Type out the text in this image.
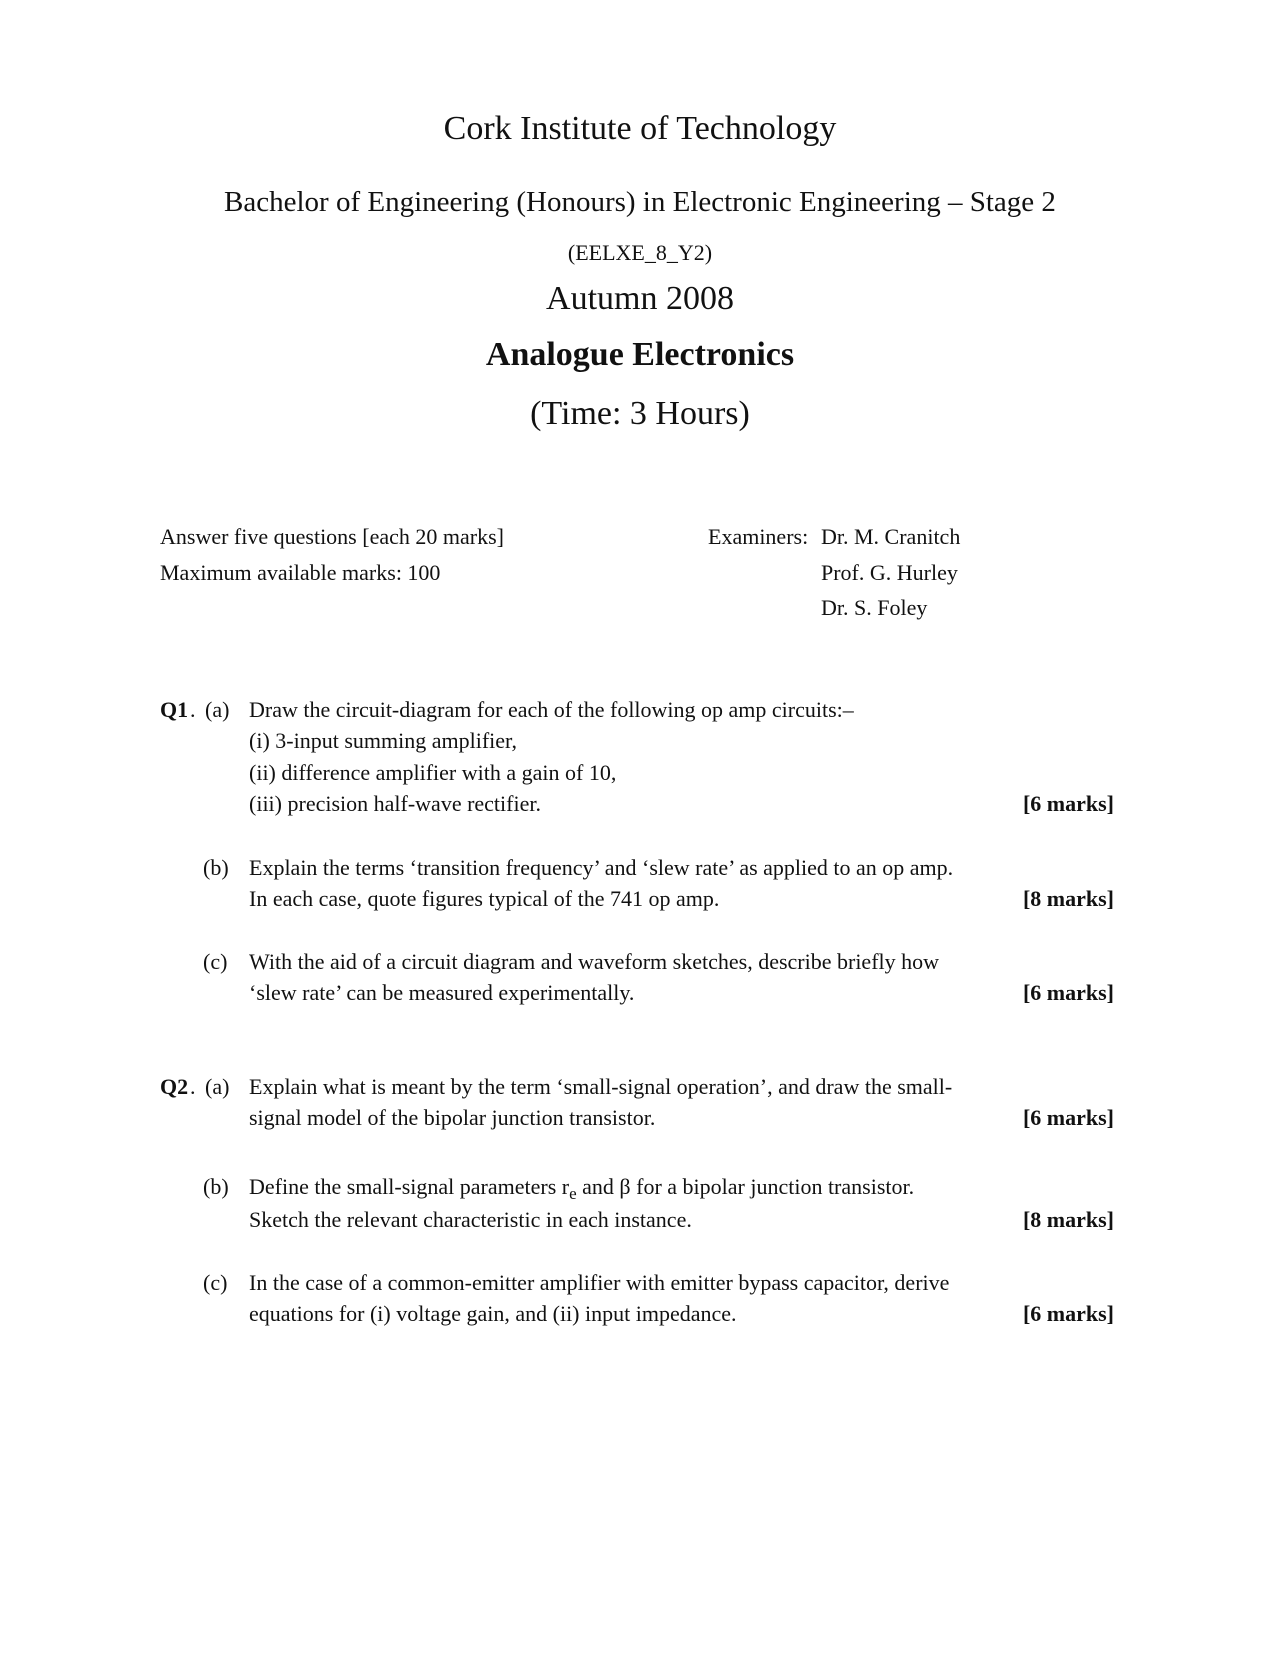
Cork Institute of Technology
Bachelor of Engineering (Honours) in Electronic Engineering – Stage 2
(EELXE_8_Y2)
Autumn 2008
Analogue Electronics
(Time: 3 Hours)
Answer five questions [each 20 marks]
Maximum available marks: 100
Examiners: Dr. M. Cranitch
Prof. G. Hurley
Dr. S. Foley
Q1 . (a) Draw the circuit-diagram for each of the following op amp circuits:–
(i) 3-input summing amplifier,
(ii) difference amplifier with a gain of 10,
(iii) precision half-wave rectifier.	[6 marks]
(b) Explain the terms ‘transition frequency’ and ‘slew rate’ as applied to an op amp.
In each case, quote figures typical of the 741 op amp.	[8 marks]
(c) With the aid of a circuit diagram and waveform sketches, describe briefly how
‘slew rate’ can be measured experimentally.	[6 marks]
Q2 . (a) Explain what is meant by the term ‘small-signal operation’, and draw the small-
signal model of the bipolar junction transistor.	[6 marks]
(b) Define the small-signal parameters $r_e$ and β for a bipolar junction transistor.
Sketch the relevant characteristic in each instance.	[8 marks]
(c) In the case of a common-emitter amplifier with emitter bypass capacitor, derive
equations for (i) voltage gain, and (ii) input impedance.	[6 marks]
